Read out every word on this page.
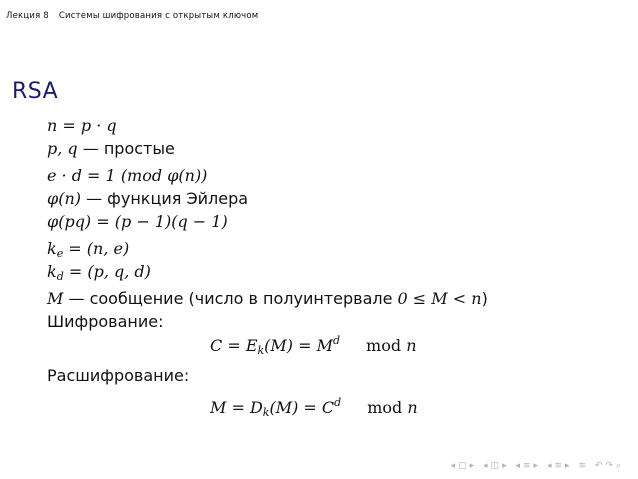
Лекция 8 Системы шифрования с открытым ключом
RSA
n = p · q
p, q — простые
e · d = 1 (mod φ(n))
φ(n) — функция Эйлера
φ(pq) = (p − 1)(q − 1)
$k_e = (n$, e)
$k_d = (p$, q, d)
M — сообщение (число в полуинтервале 0 ≤ M < n)
Шифрование:
$C = E_k(M) = M^d$ mod n
Расшифрование:
$M = D_k(M) = C^d$ mod n
◂□▸ ◂◫▸ ◂≡▸ ◂≡▸ ≡ ↶↷⌕
